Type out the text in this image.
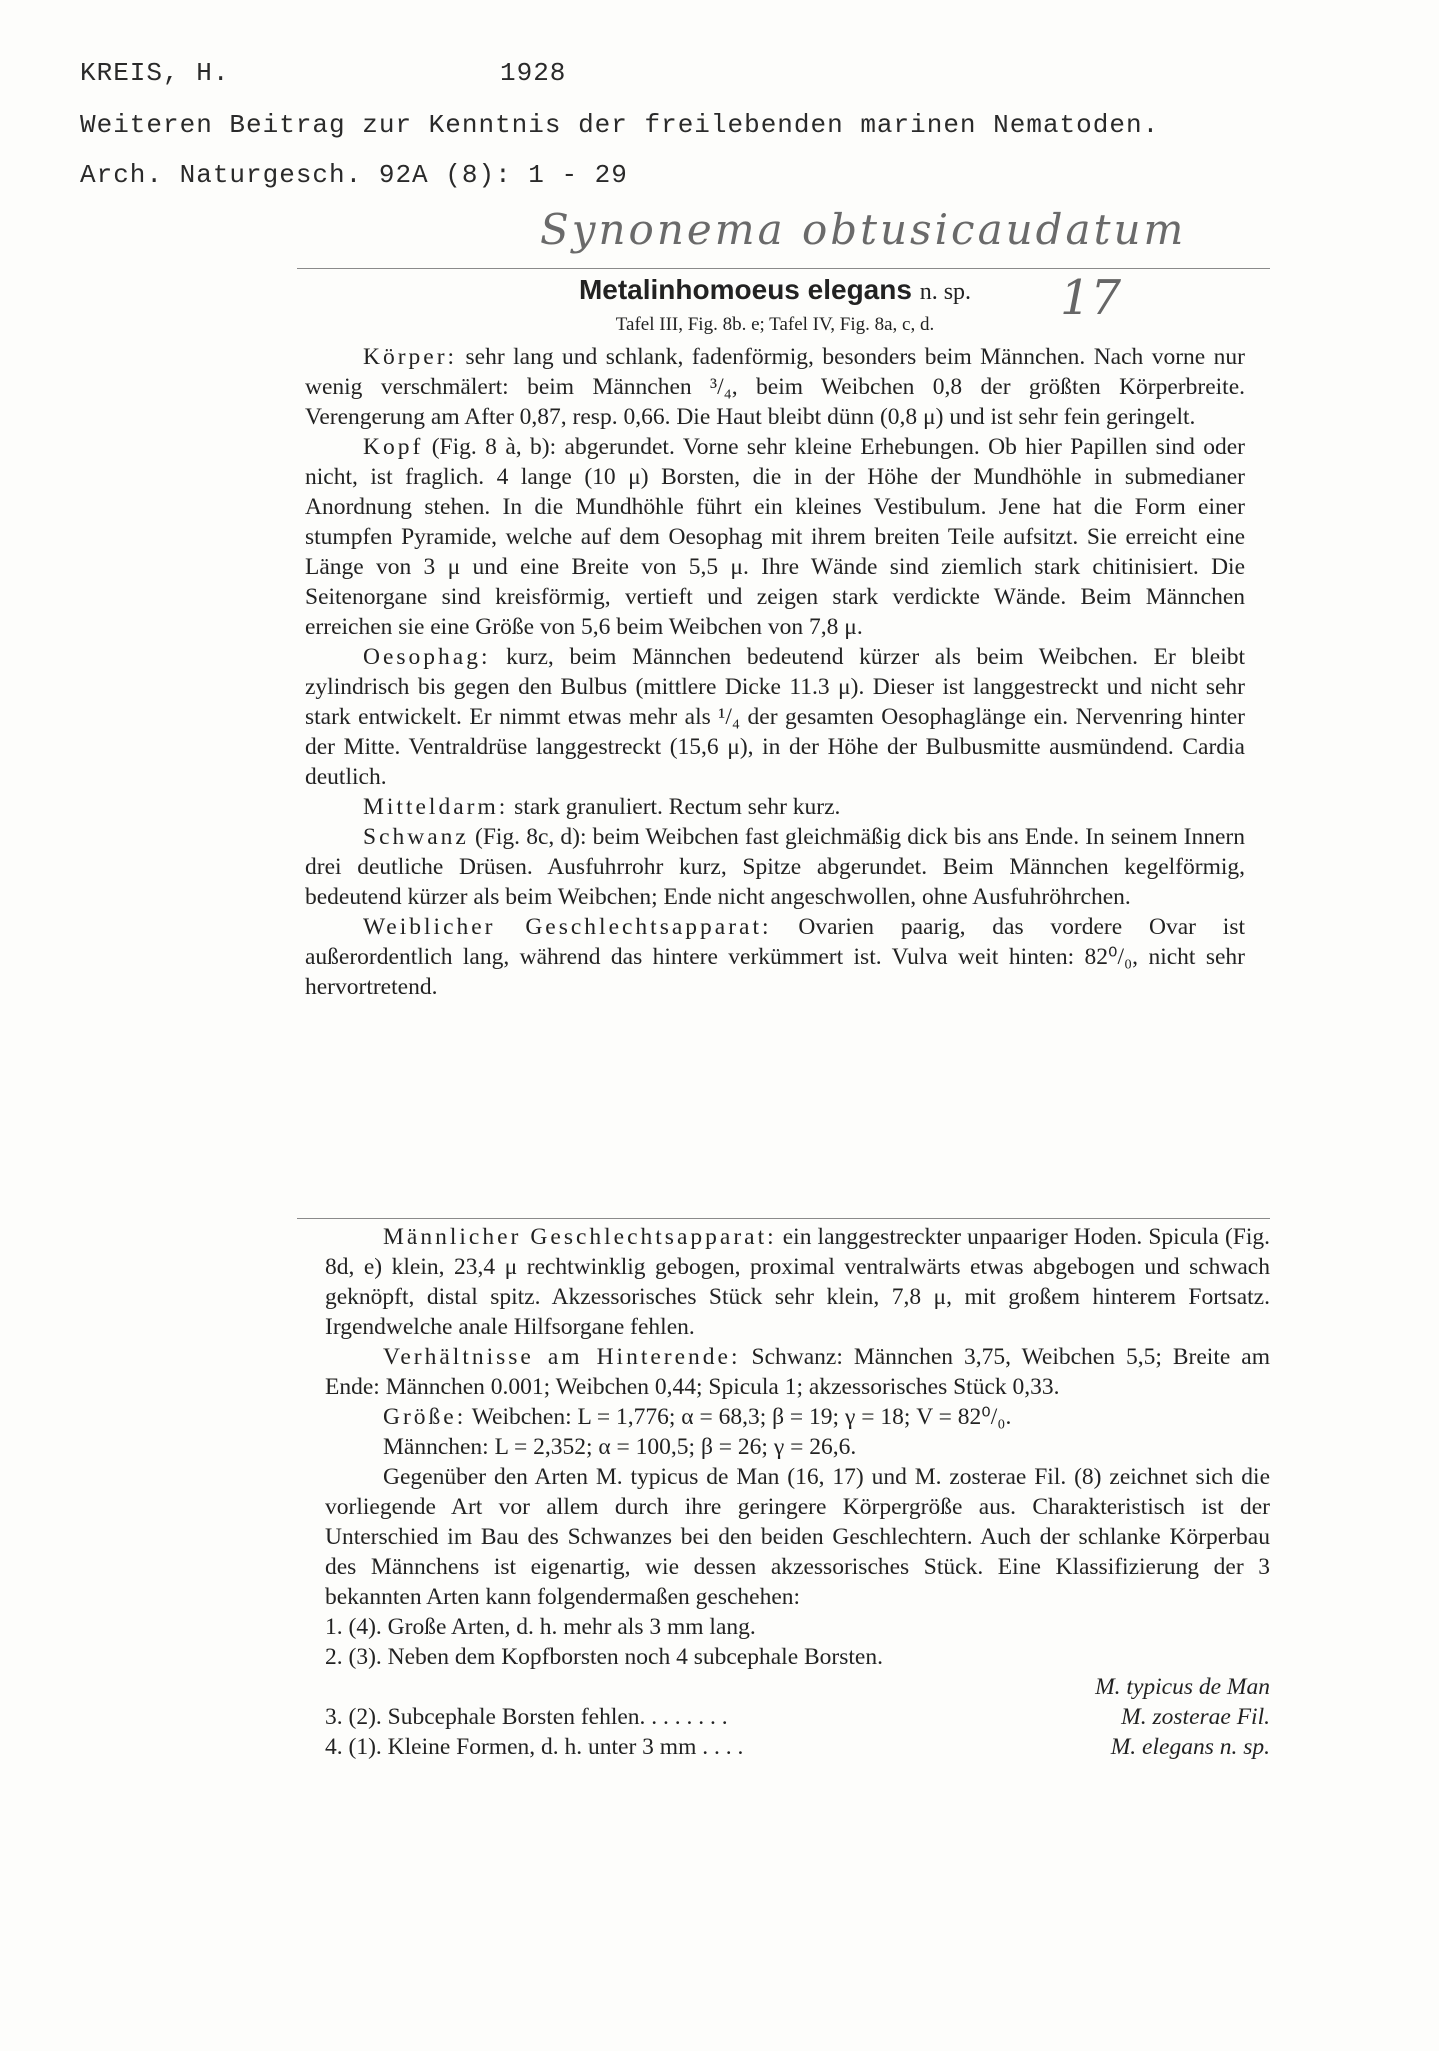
KREIS, H.	1928
Weiteren Beitrag zur Kenntnis der freilebenden marinen Nematoden.
Arch. Naturgesch. 92A (8): 1 - 29
Synonema obtusicaudatum
17

Metalinhomoeus elegans n. sp.

Tafel III, Fig. 8b. e; Tafel IV, Fig. 8a, c, d.

Körper: sehr lang und schlank, fadenförmig, besonders beim Männchen. Nach vorne nur wenig verschmälert: beim Männchen ³/₄, beim Weibchen 0,8 der größten Körperbreite. Verengerung am After 0,87, resp. 0,66. Die Haut bleibt dünn (0,8 μ) und ist sehr fein geringelt.

Kopf (Fig. 8 à, b): abgerundet. Vorne sehr kleine Erhebungen. Ob hier Papillen sind oder nicht, ist fraglich. 4 lange (10 μ) Borsten, die in der Höhe der Mundhöhle in submedianer Anordnung stehen. In die Mundhöhle führt ein kleines Vestibulum. Jene hat die Form einer stumpfen Pyramide, welche auf dem Oesophag mit ihrem breiten Teile aufsitzt. Sie erreicht eine Länge von 3 μ und eine Breite von 5,5 μ. Ihre Wände sind ziemlich stark chitinisiert. Die Seitenorgane sind kreisförmig, vertieft und zeigen stark verdickte Wände. Beim Männchen erreichen sie eine Größe von 5,6 beim Weibchen von 7,8 μ.

Oesophag: kurz, beim Männchen bedeutend kürzer als beim Weibchen. Er bleibt zylindrisch bis gegen den Bulbus (mittlere Dicke 11.3 μ). Dieser ist langgestreckt und nicht sehr stark entwickelt. Er nimmt etwas mehr als ¹/₄ der gesamten Oesophaglänge ein. Nervenring hinter der Mitte. Ventraldrüse langgestreckt (15,6 μ), in der Höhe der Bulbusmitte ausmündend. Cardia deutlich.

Mitteldarm: stark granuliert. Rectum sehr kurz.

Schwanz (Fig. 8c, d): beim Weibchen fast gleichmäßig dick bis ans Ende. In seinem Innern drei deutliche Drüsen. Ausfuhrrohr kurz, Spitze abgerundet. Beim Männchen kegelförmig, bedeutend kürzer als beim Weibchen; Ende nicht angeschwollen, ohne Ausfuhröhrchen.

Weiblicher Geschlechtsapparat: Ovarien paarig, das vordere Ovar ist außerordentlich lang, während das hintere verkümmert ist. Vulva weit hinten: 82⁰/₀, nicht sehr hervortretend.

Männlicher Geschlechtsapparat: ein langgestreckter unpaariger Hoden. Spicula (Fig. 8d, e) klein, 23,4 μ rechtwinklig gebogen, proximal ventralwärts etwas abgebogen und schwach geknöpft, distal spitz. Akzessorisches Stück sehr klein, 7,8 μ, mit großem hinterem Fortsatz. Irgendwelche anale Hilfsorgane fehlen.

Verhältnisse am Hinterende: Schwanz: Männchen 3,75, Weibchen 5,5; Breite am Ende: Männchen 0.001; Weibchen 0,44; Spicula 1; akzessorisches Stück 0,33.

Größe: Weibchen: L = 1,776; α = 68,3; β = 19; γ = 18; V = 82⁰/₀.

Männchen: L = 2,352; α = 100,5; β = 26; γ = 26,6.

Gegenüber den Arten M. typicus de Man (16, 17) und M. zosterae Fil. (8) zeichnet sich die vorliegende Art vor allem durch ihre geringere Körpergröße aus. Charakteristisch ist der Unterschied im Bau des Schwanzes bei den beiden Geschlechtern. Auch der schlanke Körperbau des Männchens ist eigenartig, wie dessen akzessorisches Stück. Eine Klassifizierung der 3 bekannten Arten kann folgendermaßen geschehen:

1. (4). Große Arten, d. h. mehr als 3 mm lang.

2. (3). Neben dem Kopfborsten noch 4 subcephale Borsten.

M. typicus de Man

3. (2). Subcephale Borsten fehlen. . . . . . . .	M. zosterae Fil.
4. (1). Kleine Formen, d. h. unter 3 mm . . . .	M. elegans n. sp.
